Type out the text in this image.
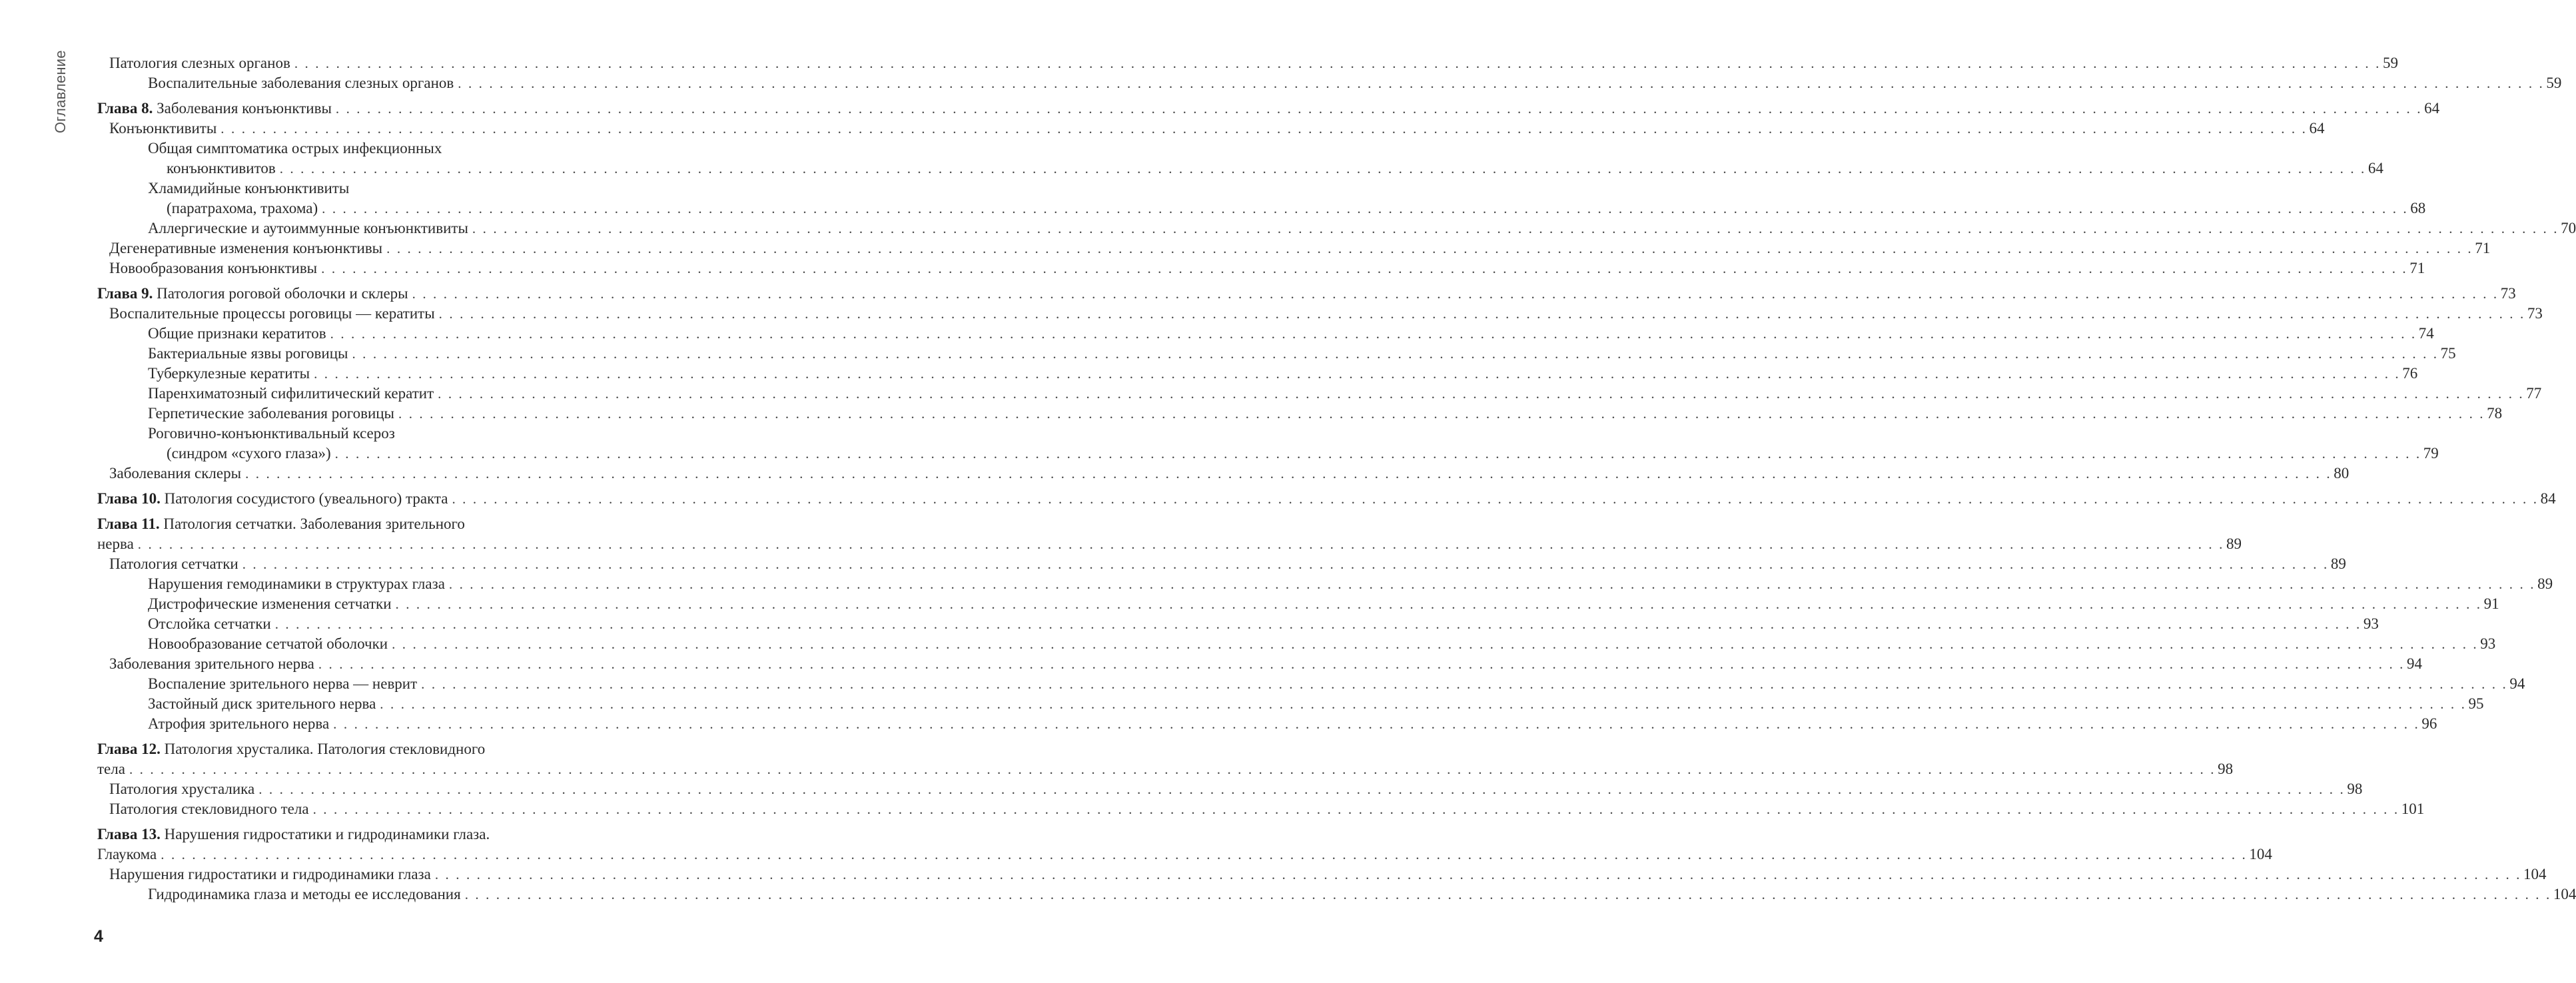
Оглавление	Патология слезных органов . . . . . . . . . . . . . . . . . . . . . . . . . . . . . . . . . . . . . . . . . . . . . . . . . . . . . . . . . . . . . . . . . . . . . . . . . . . . . . . . . . . . . . . . . . . . . . . . . . . . . . . . . . . . . . . . . . . . . . . . . . . . . . . . . . . . . . . . . . . . . . . . . . . . . . . . . . . . . . . . . . . . . . . . . . . . . . . . . . . . . . . . . . . . . . . . . . . . . . . . 59
Воспалительные заболевания слезных органов . . . . . . . . . . . . . . . . . . . . . . . . . . . . . . . . . . . . . . . . . . . . . . . . . . . . . . . . . . . . . . . . . . . . . . . . . . . . . . . . . . . . . . . . . . . . . . . . . . . . . . . . . . . . . . . . . . . . . . . . . . . . . . . . . . . . . . . . . . . . . . . . . . . . . . . . . . . . . . . . . . . . . . . . . . . . . . . . . . . . . . . . . . . . . . . . . . . . . . . . 59
Глава 8. Заболевания конъюнктивы . . . . . . . . . . . . . . . . . . . . . . . . . . . . . . . . . . . . . . . . . . . . . . . . . . . . . . . . . . . . . . . . . . . . . . . . . . . . . . . . . . . . . . . . . . . . . . . . . . . . . . . . . . . . . . . . . . . . . . . . . . . . . . . . . . . . . . . . . . . . . . . . . . . . . . . . . . . . . . . . . . . . . . . . . . . . . . . . . . . . . . . . . . . . . . . . . . . . . . . . 64
Конъюнктивиты . . . . . . . . . . . . . . . . . . . . . . . . . . . . . . . . . . . . . . . . . . . . . . . . . . . . . . . . . . . . . . . . . . . . . . . . . . . . . . . . . . . . . . . . . . . . . . . . . . . . . . . . . . . . . . . . . . . . . . . . . . . . . . . . . . . . . . . . . . . . . . . . . . . . . . . . . . . . . . . . . . . . . . . . . . . . . . . . . . . . . . . . . . . . . . . . . . . . . . . . 64
Общая симптоматика острых инфекционных
конъюнктивитов . . . . . . . . . . . . . . . . . . . . . . . . . . . . . . . . . . . . . . . . . . . . . . . . . . . . . . . . . . . . . . . . . . . . . . . . . . . . . . . . . . . . . . . . . . . . . . . . . . . . . . . . . . . . . . . . . . . . . . . . . . . . . . . . . . . . . . . . . . . . . . . . . . . . . . . . . . . . . . . . . . . . . . . . . . . . . . . . . . . . . . . . . . . . . . . . . . . . . . . . 64
Хламидийные конъюнктивиты
(паратрахома, трахома) . . . . . . . . . . . . . . . . . . . . . . . . . . . . . . . . . . . . . . . . . . . . . . . . . . . . . . . . . . . . . . . . . . . . . . . . . . . . . . . . . . . . . . . . . . . . . . . . . . . . . . . . . . . . . . . . . . . . . . . . . . . . . . . . . . . . . . . . . . . . . . . . . . . . . . . . . . . . . . . . . . . . . . . . . . . . . . . . . . . . . . . . . . . . . . . . . . . . . . . . 68
Аллергические и аутоиммунные конъюнктивиты . . . . . . . . . . . . . . . . . . . . . . . . . . . . . . . . . . . . . . . . . . . . . . . . . . . . . . . . . . . . . . . . . . . . . . . . . . . . . . . . . . . . . . . . . . . . . . . . . . . . . . . . . . . . . . . . . . . . . . . . . . . . . . . . . . . . . . . . . . . . . . . . . . . . . . . . . . . . . . . . . . . . . . . . . . . . . . . . . . . . . . . . . . . . . . . . . . . . . . . . 70
Дегенеративные изменения конъюнктивы . . . . . . . . . . . . . . . . . . . . . . . . . . . . . . . . . . . . . . . . . . . . . . . . . . . . . . . . . . . . . . . . . . . . . . . . . . . . . . . . . . . . . . . . . . . . . . . . . . . . . . . . . . . . . . . . . . . . . . . . . . . . . . . . . . . . . . . . . . . . . . . . . . . . . . . . . . . . . . . . . . . . . . . . . . . . . . . . . . . . . . . . . . . . . . . . . . . . . . . . 71
Новообразования конъюнктивы . . . . . . . . . . . . . . . . . . . . . . . . . . . . . . . . . . . . . . . . . . . . . . . . . . . . . . . . . . . . . . . . . . . . . . . . . . . . . . . . . . . . . . . . . . . . . . . . . . . . . . . . . . . . . . . . . . . . . . . . . . . . . . . . . . . . . . . . . . . . . . . . . . . . . . . . . . . . . . . . . . . . . . . . . . . . . . . . . . . . . . . . . . . . . . . . . . . . . . . . 71
Глава 9. Патология роговой оболочки и склеры . . . . . . . . . . . . . . . . . . . . . . . . . . . . . . . . . . . . . . . . . . . . . . . . . . . . . . . . . . . . . . . . . . . . . . . . . . . . . . . . . . . . . . . . . . . . . . . . . . . . . . . . . . . . . . . . . . . . . . . . . . . . . . . . . . . . . . . . . . . . . . . . . . . . . . . . . . . . . . . . . . . . . . . . . . . . . . . . . . . . . . . . . . . . . . . . . . . . . . . . 73
Воспалительные процессы роговицы — кератиты . . . . . . . . . . . . . . . . . . . . . . . . . . . . . . . . . . . . . . . . . . . . . . . . . . . . . . . . . . . . . . . . . . . . . . . . . . . . . . . . . . . . . . . . . . . . . . . . . . . . . . . . . . . . . . . . . . . . . . . . . . . . . . . . . . . . . . . . . . . . . . . . . . . . . . . . . . . . . . . . . . . . . . . . . . . . . . . . . . . . . . . . . . . . . . . . . . . . . . . . 73
Общие признаки кератитов . . . . . . . . . . . . . . . . . . . . . . . . . . . . . . . . . . . . . . . . . . . . . . . . . . . . . . . . . . . . . . . . . . . . . . . . . . . . . . . . . . . . . . . . . . . . . . . . . . . . . . . . . . . . . . . . . . . . . . . . . . . . . . . . . . . . . . . . . . . . . . . . . . . . . . . . . . . . . . . . . . . . . . . . . . . . . . . . . . . . . . . . . . . . . . . . . . . . . . . . 74
Бактериальные язвы роговицы . . . . . . . . . . . . . . . . . . . . . . . . . . . . . . . . . . . . . . . . . . . . . . . . . . . . . . . . . . . . . . . . . . . . . . . . . . . . . . . . . . . . . . . . . . . . . . . . . . . . . . . . . . . . . . . . . . . . . . . . . . . . . . . . . . . . . . . . . . . . . . . . . . . . . . . . . . . . . . . . . . . . . . . . . . . . . . . . . . . . . . . . . . . . . . . . . . . . . . . . 75
Туберкулезные кератиты . . . . . . . . . . . . . . . . . . . . . . . . . . . . . . . . . . . . . . . . . . . . . . . . . . . . . . . . . . . . . . . . . . . . . . . . . . . . . . . . . . . . . . . . . . . . . . . . . . . . . . . . . . . . . . . . . . . . . . . . . . . . . . . . . . . . . . . . . . . . . . . . . . . . . . . . . . . . . . . . . . . . . . . . . . . . . . . . . . . . . . . . . . . . . . . . . . . . . . . . 76
Паренхиматозный сифилитический кератит . . . . . . . . . . . . . . . . . . . . . . . . . . . . . . . . . . . . . . . . . . . . . . . . . . . . . . . . . . . . . . . . . . . . . . . . . . . . . . . . . . . . . . . . . . . . . . . . . . . . . . . . . . . . . . . . . . . . . . . . . . . . . . . . . . . . . . . . . . . . . . . . . . . . . . . . . . . . . . . . . . . . . . . . . . . . . . . . . . . . . . . . . . . . . . . . . . . . . . . . 77
Герпетические заболевания роговицы . . . . . . . . . . . . . . . . . . . . . . . . . . . . . . . . . . . . . . . . . . . . . . . . . . . . . . . . . . . . . . . . . . . . . . . . . . . . . . . . . . . . . . . . . . . . . . . . . . . . . . . . . . . . . . . . . . . . . . . . . . . . . . . . . . . . . . . . . . . . . . . . . . . . . . . . . . . . . . . . . . . . . . . . . . . . . . . . . . . . . . . . . . . . . . . . . . . . . . . . 78
Роговично-конъюнктивальный ксероз
(синдром «сухого глаза») . . . . . . . . . . . . . . . . . . . . . . . . . . . . . . . . . . . . . . . . . . . . . . . . . . . . . . . . . . . . . . . . . . . . . . . . . . . . . . . . . . . . . . . . . . . . . . . . . . . . . . . . . . . . . . . . . . . . . . . . . . . . . . . . . . . . . . . . . . . . . . . . . . . . . . . . . . . . . . . . . . . . . . . . . . . . . . . . . . . . . . . . . . . . . . . . . . . . . . . . 79
Заболевания склеры . . . . . . . . . . . . . . . . . . . . . . . . . . . . . . . . . . . . . . . . . . . . . . . . . . . . . . . . . . . . . . . . . . . . . . . . . . . . . . . . . . . . . . . . . . . . . . . . . . . . . . . . . . . . . . . . . . . . . . . . . . . . . . . . . . . . . . . . . . . . . . . . . . . . . . . . . . . . . . . . . . . . . . . . . . . . . . . . . . . . . . . . . . . . . . . . . . . . . . . . 80
Глава 10. Патология сосудистого (увеального) тракта . . . . . . . . . . . . . . . . . . . . . . . . . . . . . . . . . . . . . . . . . . . . . . . . . . . . . . . . . . . . . . . . . . . . . . . . . . . . . . . . . . . . . . . . . . . . . . . . . . . . . . . . . . . . . . . . . . . . . . . . . . . . . . . . . . . . . . . . . . . . . . . . . . . . . . . . . . . . . . . . . . . . . . . . . . . . . . . . . . . . . . . . . . . . . . . . . . . . . . . . 84
Глава 11. Патология сетчатки. Заболевания зрительного
нерва . . . . . . . . . . . . . . . . . . . . . . . . . . . . . . . . . . . . . . . . . . . . . . . . . . . . . . . . . . . . . . . . . . . . . . . . . . . . . . . . . . . . . . . . . . . . . . . . . . . . . . . . . . . . . . . . . . . . . . . . . . . . . . . . . . . . . . . . . . . . . . . . . . . . . . . . . . . . . . . . . . . . . . . . . . . . . . . . . . . . . . . . . . . . . . . . . . . . . . . . 89
Патология сетчатки . . . . . . . . . . . . . . . . . . . . . . . . . . . . . . . . . . . . . . . . . . . . . . . . . . . . . . . . . . . . . . . . . . . . . . . . . . . . . . . . . . . . . . . . . . . . . . . . . . . . . . . . . . . . . . . . . . . . . . . . . . . . . . . . . . . . . . . . . . . . . . . . . . . . . . . . . . . . . . . . . . . . . . . . . . . . . . . . . . . . . . . . . . . . . . . . . . . . . . . . 89
Нарушения гемодинамики в структурах глаза . . . . . . . . . . . . . . . . . . . . . . . . . . . . . . . . . . . . . . . . . . . . . . . . . . . . . . . . . . . . . . . . . . . . . . . . . . . . . . . . . . . . . . . . . . . . . . . . . . . . . . . . . . . . . . . . . . . . . . . . . . . . . . . . . . . . . . . . . . . . . . . . . . . . . . . . . . . . . . . . . . . . . . . . . . . . . . . . . . . . . . . . . . . . . . . . . . . . . . . . 89
Дистрофические изменения сетчатки . . . . . . . . . . . . . . . . . . . . . . . . . . . . . . . . . . . . . . . . . . . . . . . . . . . . . . . . . . . . . . . . . . . . . . . . . . . . . . . . . . . . . . . . . . . . . . . . . . . . . . . . . . . . . . . . . . . . . . . . . . . . . . . . . . . . . . . . . . . . . . . . . . . . . . . . . . . . . . . . . . . . . . . . . . . . . . . . . . . . . . . . . . . . . . . . . . . . . . . . 91
Отслойка сетчатки . . . . . . . . . . . . . . . . . . . . . . . . . . . . . . . . . . . . . . . . . . . . . . . . . . . . . . . . . . . . . . . . . . . . . . . . . . . . . . . . . . . . . . . . . . . . . . . . . . . . . . . . . . . . . . . . . . . . . . . . . . . . . . . . . . . . . . . . . . . . . . . . . . . . . . . . . . . . . . . . . . . . . . . . . . . . . . . . . . . . . . . . . . . . . . . . . . . . . . . . 93
Новообразование сетчатой оболочки . . . . . . . . . . . . . . . . . . . . . . . . . . . . . . . . . . . . . . . . . . . . . . . . . . . . . . . . . . . . . . . . . . . . . . . . . . . . . . . . . . . . . . . . . . . . . . . . . . . . . . . . . . . . . . . . . . . . . . . . . . . . . . . . . . . . . . . . . . . . . . . . . . . . . . . . . . . . . . . . . . . . . . . . . . . . . . . . . . . . . . . . . . . . . . . . . . . . . . . . 93
Заболевания зрительного нерва . . . . . . . . . . . . . . . . . . . . . . . . . . . . . . . . . . . . . . . . . . . . . . . . . . . . . . . . . . . . . . . . . . . . . . . . . . . . . . . . . . . . . . . . . . . . . . . . . . . . . . . . . . . . . . . . . . . . . . . . . . . . . . . . . . . . . . . . . . . . . . . . . . . . . . . . . . . . . . . . . . . . . . . . . . . . . . . . . . . . . . . . . . . . . . . . . . . . . . . . 94
Воспаление зрительного нерва — неврит . . . . . . . . . . . . . . . . . . . . . . . . . . . . . . . . . . . . . . . . . . . . . . . . . . . . . . . . . . . . . . . . . . . . . . . . . . . . . . . . . . . . . . . . . . . . . . . . . . . . . . . . . . . . . . . . . . . . . . . . . . . . . . . . . . . . . . . . . . . . . . . . . . . . . . . . . . . . . . . . . . . . . . . . . . . . . . . . . . . . . . . . . . . . . . . . . . . . . . . . 94
Застойный диск зрительного нерва . . . . . . . . . . . . . . . . . . . . . . . . . . . . . . . . . . . . . . . . . . . . . . . . . . . . . . . . . . . . . . . . . . . . . . . . . . . . . . . . . . . . . . . . . . . . . . . . . . . . . . . . . . . . . . . . . . . . . . . . . . . . . . . . . . . . . . . . . . . . . . . . . . . . . . . . . . . . . . . . . . . . . . . . . . . . . . . . . . . . . . . . . . . . . . . . . . . . . . . . 95
Атрофия зрительного нерва . . . . . . . . . . . . . . . . . . . . . . . . . . . . . . . . . . . . . . . . . . . . . . . . . . . . . . . . . . . . . . . . . . . . . . . . . . . . . . . . . . . . . . . . . . . . . . . . . . . . . . . . . . . . . . . . . . . . . . . . . . . . . . . . . . . . . . . . . . . . . . . . . . . . . . . . . . . . . . . . . . . . . . . . . . . . . . . . . . . . . . . . . . . . . . . . . . . . . . . . 96
Глава 12. Патология хрусталика. Патология стекловидного
тела . . . . . . . . . . . . . . . . . . . . . . . . . . . . . . . . . . . . . . . . . . . . . . . . . . . . . . . . . . . . . . . . . . . . . . . . . . . . . . . . . . . . . . . . . . . . . . . . . . . . . . . . . . . . . . . . . . . . . . . . . . . . . . . . . . . . . . . . . . . . . . . . . . . . . . . . . . . . . . . . . . . . . . . . . . . . . . . . . . . . . . . . . . . . . . . . . . . . . . . . 98
Патология хрусталика . . . . . . . . . . . . . . . . . . . . . . . . . . . . . . . . . . . . . . . . . . . . . . . . . . . . . . . . . . . . . . . . . . . . . . . . . . . . . . . . . . . . . . . . . . . . . . . . . . . . . . . . . . . . . . . . . . . . . . . . . . . . . . . . . . . . . . . . . . . . . . . . . . . . . . . . . . . . . . . . . . . . . . . . . . . . . . . . . . . . . . . . . . . . . . . . . . . . . . . . 98
Патология стекловидного тела . . . . . . . . . . . . . . . . . . . . . . . . . . . . . . . . . . . . . . . . . . . . . . . . . . . . . . . . . . . . . . . . . . . . . . . . . . . . . . . . . . . . . . . . . . . . . . . . . . . . . . . . . . . . . . . . . . . . . . . . . . . . . . . . . . . . . . . . . . . . . . . . . . . . . . . . . . . . . . . . . . . . . . . . . . . . . . . . . . . . . . . . . . . . . . . . . . . . . . . . 101
Глава 13. Нарушения гидростатики и гидродинамики глаза.
Глаукома . . . . . . . . . . . . . . . . . . . . . . . . . . . . . . . . . . . . . . . . . . . . . . . . . . . . . . . . . . . . . . . . . . . . . . . . . . . . . . . . . . . . . . . . . . . . . . . . . . . . . . . . . . . . . . . . . . . . . . . . . . . . . . . . . . . . . . . . . . . . . . . . . . . . . . . . . . . . . . . . . . . . . . . . . . . . . . . . . . . . . . . . . . . . . . . . . . . . . . . . 104
Нарушения гидростатики и гидродинамики глаза . . . . . . . . . . . . . . . . . . . . . . . . . . . . . . . . . . . . . . . . . . . . . . . . . . . . . . . . . . . . . . . . . . . . . . . . . . . . . . . . . . . . . . . . . . . . . . . . . . . . . . . . . . . . . . . . . . . . . . . . . . . . . . . . . . . . . . . . . . . . . . . . . . . . . . . . . . . . . . . . . . . . . . . . . . . . . . . . . . . . . . . . . . . . . . . . . . . . . . . . 104
Гидродинамика глаза и методы ее исследования . . . . . . . . . . . . . . . . . . . . . . . . . . . . . . . . . . . . . . . . . . . . . . . . . . . . . . . . . . . . . . . . . . . . . . . . . . . . . . . . . . . . . . . . . . . . . . . . . . . . . . . . . . . . . . . . . . . . . . . . . . . . . . . . . . . . . . . . . . . . . . . . . . . . . . . . . . . . . . . . . . . . . . . . . . . . . . . . . . . . . . . . . . . . . . . . . . . . . . . . 104
4
